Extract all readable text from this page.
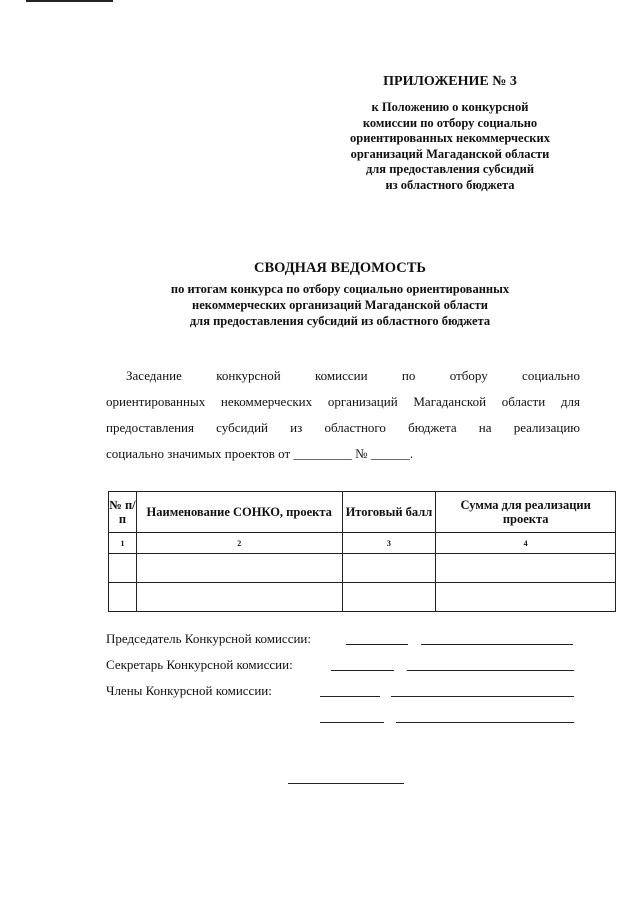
ПРИЛОЖЕНИЕ № 3
к Положению о конкурсной
комиссии по отбору социально
ориентированных некоммерческих
организаций Магаданской области
для предоставления субсидий
из областного бюджета
СВОДНАЯ ВЕДОМОСТЬ
по итогам конкурса по отбору социально ориентированных
некоммерческих организаций Магаданской области
для предоставления субсидий из областного бюджета
Заседание конкурсной комиссии по отбору социально
ориентированных некоммерческих организаций Магаданской области для
предоставления субсидий из областного бюджета на реализацию
социально значимых проектов от _________ № ______.
№ п/п	Наименование СОНКО, проекта	Итоговый балл	Сумма для реализации проекта
1	2	3	4

Председатель Конкурсной комиссии:
Секретарь Конкурсной комиссии:
Члены Конкурсной комиссии:
